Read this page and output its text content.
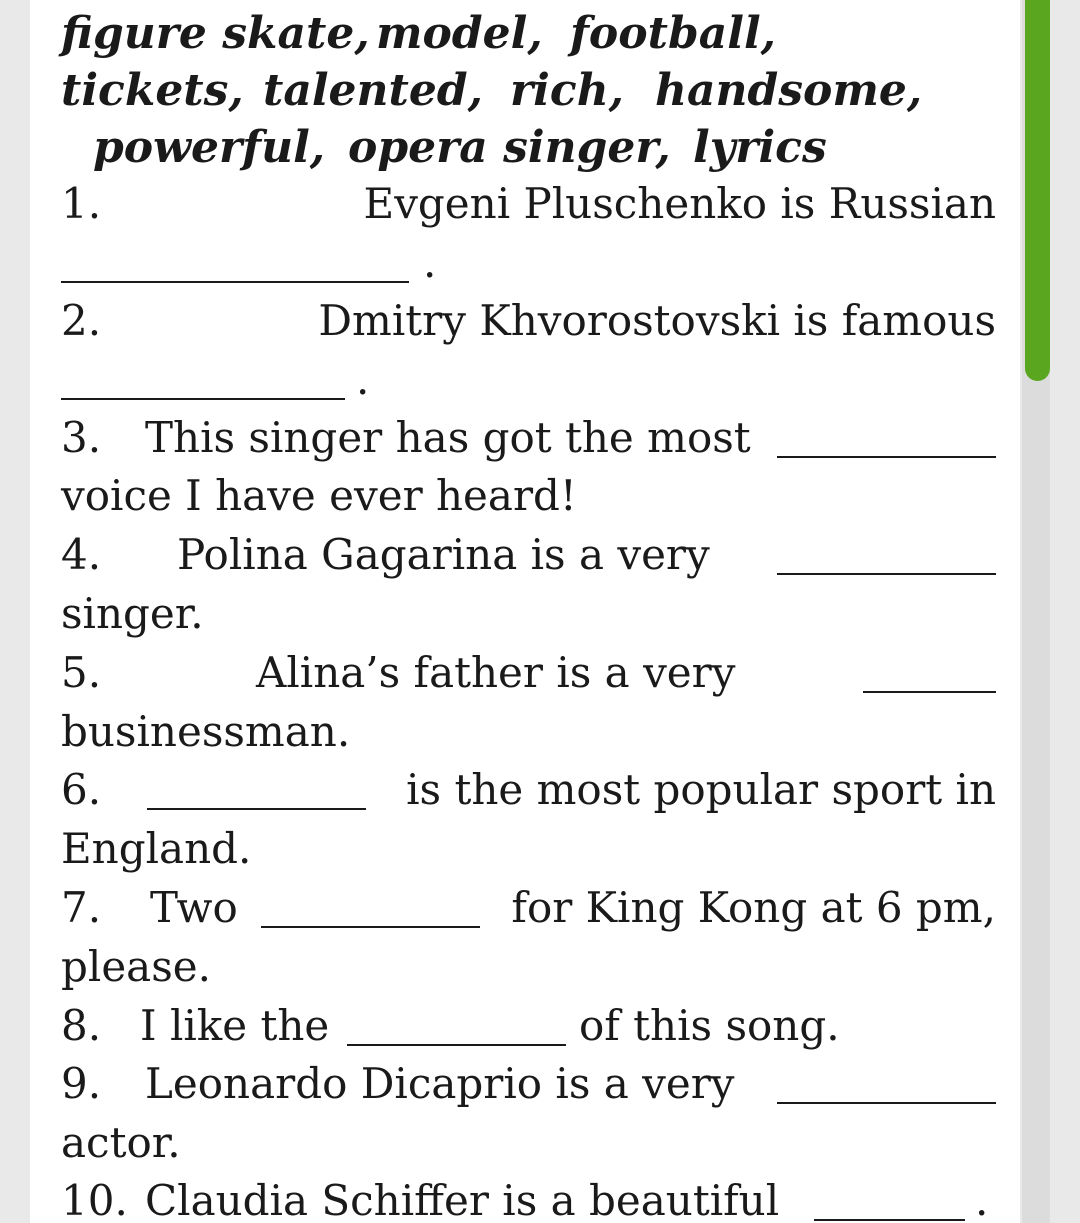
figure skate, model, football,
tickets, talented, rich, handsome,
powerful, opera singer, lyrics
1.	Evgeni Pluschenko is Russian
.
2.	Dmitry Khvorostovski is famous
.
3. This singer has got the most
voice I have ever heard!
4. Polina Gagarina is a very
singer.
5.	Alina’s father is a very
businessman.
6.	is the most popular sport in
England.
7. Two	for King Kong at 6 pm,
please.
8. I like the	of this song.
9. Leonardo Dicaprio is a very
actor.
10. Claudia Schiffer is a beautiful	.
